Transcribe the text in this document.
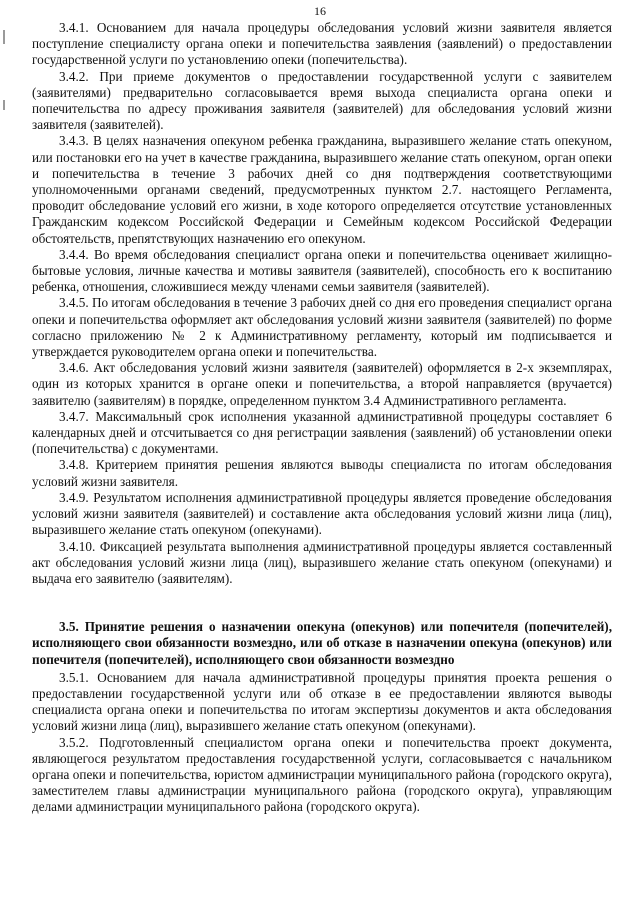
16

3.4.1. Основанием для начала процедуры обследования условий жизни заявителя является поступление специалисту органа опеки и попечительства заявления (заявлений) о предоставлении государственной услуги по установлению опеки (попечительства).

3.4.2. При приеме документов о предоставлении государственной услуги с заявителем (заявителями) предварительно согласовывается время выхода специалиста органа опеки и попечительства по адресу проживания заявителя (заявителей) для обследования условий жизни заявителя (заявителей).

3.4.3. В целях назначения опекуном ребенка гражданина, выразившего желание стать опекуном, или постановки его на учет в качестве гражданина, выразившего желание стать опекуном, орган опеки и попечительства в течение 3 рабочих дней со дня подтверждения соответствующими уполномоченными органами сведений, предусмотренных пунктом 2.7. настоящего Регламента, проводит обследование условий его жизни, в ходе которого определяется отсутствие установленных Гражданским кодексом Российской Федерации и Семейным кодексом Российской Федерации обстоятельств, препятствующих назначению его опекуном.

3.4.4. Во время обследования специалист органа опеки и попечительства оценивает жилищно-бытовые условия, личные качества и мотивы заявителя (заявителей), способность его к воспитанию ребенка, отношения, сложившиеся между членами семьи заявителя (заявителей).

3.4.5. По итогам обследования в течение 3 рабочих дней со дня его проведения специалист органа опеки и попечительства оформляет акт обследования условий жизни заявителя (заявителей) по форме согласно приложению № 2 к Административному регламенту, который им подписывается и утверждается руководителем органа опеки и попечительства.

3.4.6. Акт обследования условий жизни заявителя (заявителей) оформляется в 2-х экземплярах, один из которых хранится в органе опеки и попечительства, а второй направляется (вручается) заявителю (заявителям) в порядке, определенном пунктом 3.4 Административного регламента.

3.4.7. Максимальный срок исполнения указанной административной процедуры составляет 6 календарных дней и отсчитывается со дня регистрации заявления (заявлений) об установлении опеки (попечительства) с документами.

3.4.8. Критерием принятия решения являются выводы специалиста по итогам обследования условий жизни заявителя.

3.4.9. Результатом исполнения административной процедуры является проведение обследования условий жизни заявителя (заявителей) и составление акта обследования условий жизни лица (лиц), выразившего желание стать опекуном (опекунами).

3.4.10. Фиксацией результата выполнения административной процедуры является составленный акт обследования условий жизни лица (лиц), выразившего желание стать опекуном (опекунами) и выдача его заявителю (заявителям).

3.5. Принятие решения о назначении опекуна (опекунов) или попечителя (попечителей), исполняющего свои обязанности возмездно, или об отказе в назначении опекуна (опекунов) или попечителя (попечителей), исполняющего свои обязанности возмездно

3.5.1. Основанием для начала административной процедуры принятия проекта решения о предоставлении государственной услуги или об отказе в ее предоставлении являются выводы специалиста органа опеки и попечительства по итогам экспертизы документов и акта обследования условий жизни лица (лиц), выразившего желание стать опекуном (опекунами).

3.5.2. Подготовленный специалистом органа опеки и попечительства проект документа, являющегося результатом предоставления государственной услуги, согласовывается с начальником органа опеки и попечительства, юристом администрации муниципального района (городского округа), заместителем главы администрации муниципального района (городского округа), управляющим делами администрации муниципального района (городского округа).
